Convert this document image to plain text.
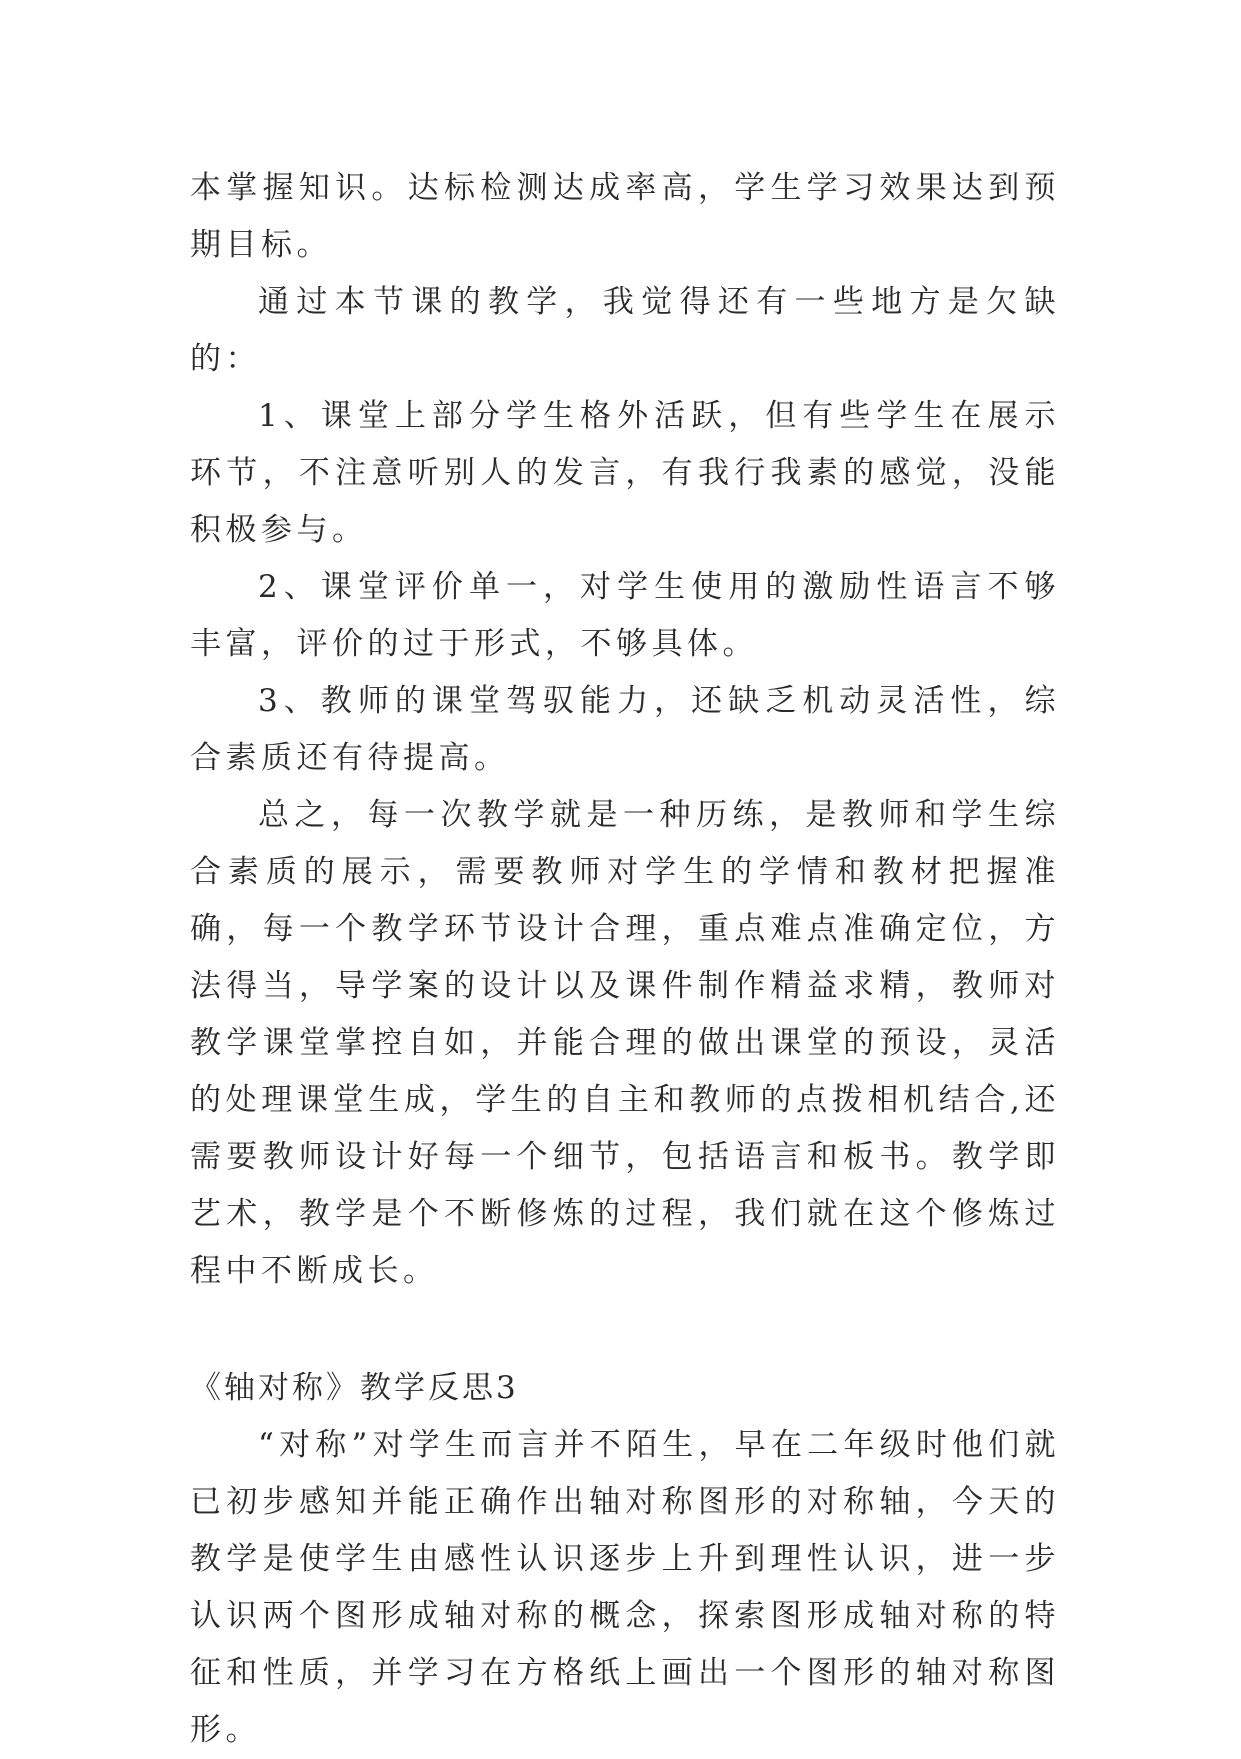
本掌握知识。达标检测达成率高，学生学习效果达到预期目标。

通过本节课的教学，我觉得还有一些地方是欠缺的：

1、课堂上部分学生格外活跃，但有些学生在展示环节，不注意听别人的发言，有我行我素的感觉，没能积极参与。

2、课堂评价单一，对学生使用的激励性语言不够丰富，评价的过于形式，不够具体。

3、教师的课堂驾驭能力，还缺乏机动灵活性，综合素质还有待提高。

总之，每一次教学就是一种历练，是教师和学生综合素质的展示，需要教师对学生的学情和教材把握准确，每一个教学环节设计合理，重点难点准确定位，方法得当，导学案的设计以及课件制作精益求精，教师对教学课堂掌控自如，并能合理的做出课堂的预设，灵活的处理课堂生成，学生的自主和教师的点拨相机结合,还需要教师设计好每一个细节，包括语言和板书。教学即艺术，教学是个不断修炼的过程，我们就在这个修炼过程中不断成长。

《轴对称》教学反思3

“对称”对学生而言并不陌生，早在二年级时他们就已初步感知并能正确作出轴对称图形的对称轴，今天的教学是使学生由感性认识逐步上升到理性认识，进一步认识两个图形成轴对称的概念，探索图形成轴对称的特征和性质，并学习在方格纸上画出一个图形的轴对称图形。
